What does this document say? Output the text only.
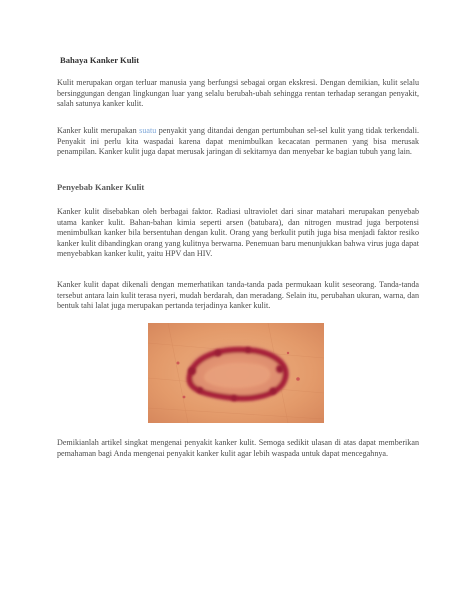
Bahaya Kanker Kulit
Kulit merupakan organ terluar manusia yang berfungsi sebagai organ ekskresi. Dengan demikian, kulit selalu bersinggungan dengan lingkungan luar yang selalu berubah-ubah sehingga rentan terhadap serangan penyakit, salah satunya kanker kulit.
Kanker kulit merupakan suatu penyakit yang ditandai dengan pertumbuhan sel-sel kulit yang tidak terkendali. Penyakit ini perlu kita waspadai karena dapat menimbulkan kecacatan permanen yang bisa merusak penampilan. Kanker kulit juga dapat merusak jaringan di sekitarnya dan menyebar ke bagian tubuh yang lain.
Penyebab Kanker Kulit
Kanker kulit disebabkan oleh berbagai faktor. Radiasi ultraviolet dari sinar matahari merupakan penyebab utama kanker kulit. Bahan-bahan kimia seperti arsen (batubara), dan nitrogen mustrad juga berpotensi menimbulkan kanker bila bersentuhan dengan kulit. Orang yang berkulit putih juga bisa menjadi faktor resiko kanker kulit dibandingkan orang yang kulitnya berwarna. Penemuan baru menunjukkan bahwa virus juga dapat menyebabkan kanker kulit, yaitu HPV dan HIV.
Kanker kulit dapat dikenali dengan memerhatikan tanda-tanda pada permukaan kulit seseorang. Tanda-tanda tersebut antara lain kulit terasa nyeri, mudah berdarah, dan meradang. Selain itu, perubahan ukuran, warna, dan bentuk tahi lalat juga merupakan pertanda terjadinya kanker kulit.
Demikianlah artikel singkat mengenai penyakit kanker kulit. Semoga sedikit ulasan di atas dapat memberikan pemahaman bagi Anda mengenai penyakit kanker kulit agar lebih waspada untuk dapat mencegahnya.
